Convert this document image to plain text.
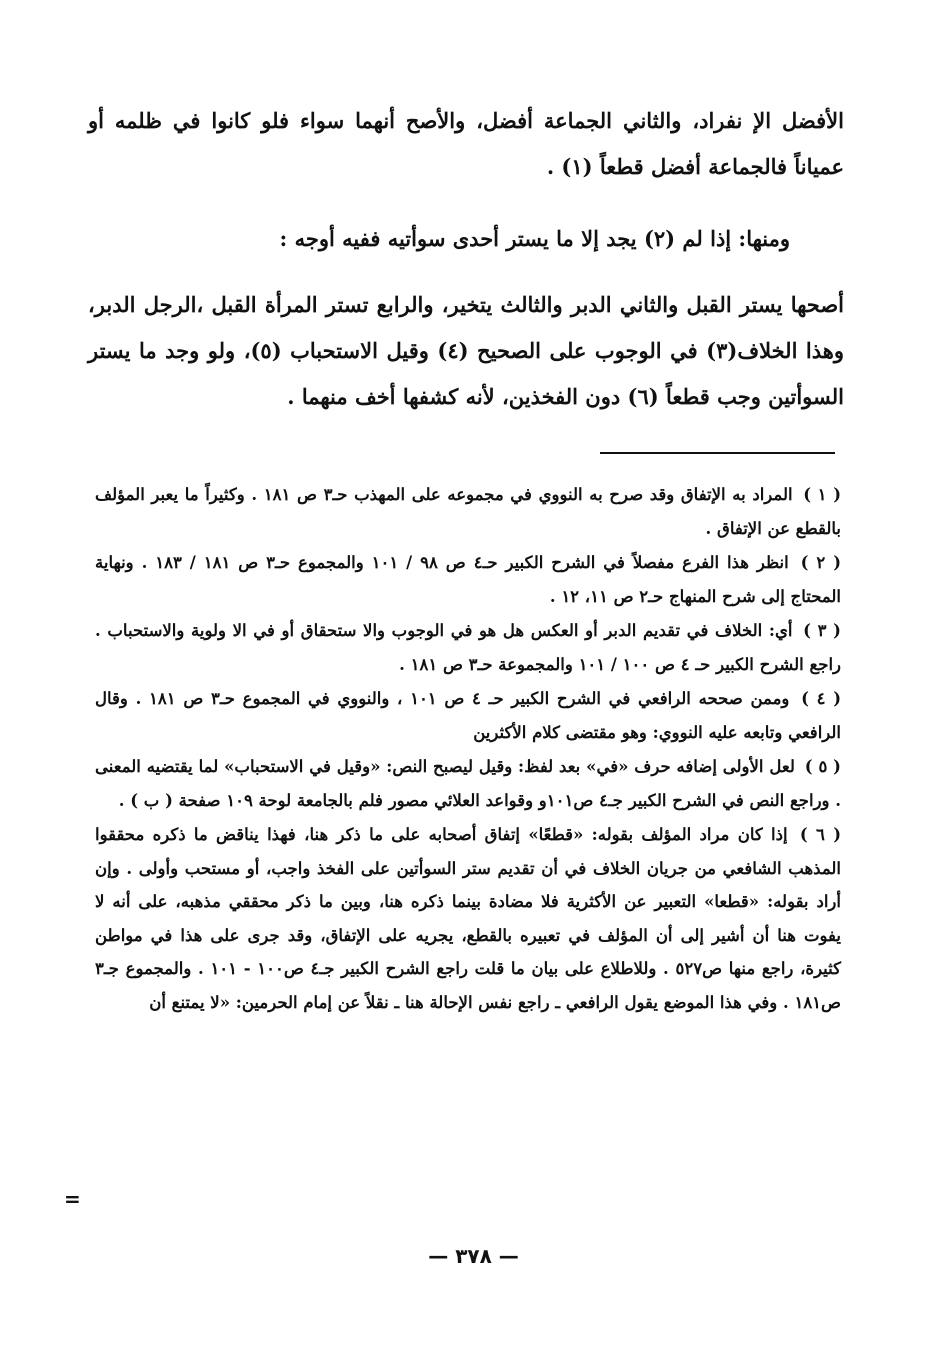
الأفضل الإ نفراد، والثاني الجماعة أفضل، والأصح أنهما سواء فلو كانوا في ظلمه أو عمياناً فالجماعة أفضل قطعاً (١) .
ومنها: إذا لم (٢) يجد إلا ما يستر أحدى سوأتيه ففيه أوجه :
أصحها يستر القبل والثاني الدبر والثالث يتخير، والرابع تستر المرأة القبل ،الرجل الدبر، وهذا الخلاف(٣) في الوجوب على الصحيح (٤) وقيل الاستحباب (٥)، ولو وجد ما يستر السوأتين وجب قطعاً (٦) دون الفخذين، لأنه كشفها أخف منهما .
( ١ ) المراد به الإتفاق وقد صرح به النووي في مجموعه على المهذب حـ٣ ص ١٨١ . وكثيراً ما يعبر المؤلف بالقطع عن الإتفاق .
( ٢ ) انظر هذا الفرع مفصلاً في الشرح الكبير حـ٤ ص ٩٨ / ١٠١ والمجموع حـ٣ ص ١٨١ / ١٨٣ . ونهاية المحتاج إلى شرح المنهاج حـ٢ ص ١١، ١٢ .
( ٣ ) أي: الخلاف في تقديم الدبر أو العكس هل هو في الوجوب والا ستحقاق أو في الا ولوية والاستحباب . راجع الشرح الكبير حـ ٤ ص ١٠٠ / ١٠١ والمجموعة حـ٣ ص ١٨١ .
( ٤ ) وممن صححه الرافعي في الشرح الكبير حـ ٤ ص ١٠١ ، والنووي في المجموع حـ٣ ص ١٨١ . وقال الرافعي وتابعه عليه النووي: وهو مقتضى كلام الأكثرين
( ٥ ) لعل الأولى إضافه حرف «في» بعد لفظ: وقيل ليصبح النص: «وقيل في الاستحباب» لما يقتضيه المعنى . وراجع النص في الشرح الكبير جـ٤ ص١٠١و وقواعد العلائي مصور فلم بالجامعة لوحة ١٠٩ صفحة ( ب ) .
( ٦ ) إذا كان مراد المؤلف بقوله: «قطعًا» إتفاق أصحابه على ما ذكر هنا، فهذا يناقض ما ذكره محققوا المذهب الشافعي من جريان الخلاف في أن تقديم ستر السوأتين على الفخذ واجب، أو مستحب وأولى . وإن أراد بقوله: «قطعا» التعبير عن الأكثرية فلا مضادة بينما ذكره هنا، وبين ما ذكر محققي مذهبه، على أنه لا يفوت هنا أن أشير إلى أن المؤلف في تعبيره بالقطع، يجريه على الإتفاق، وقد جرى على هذا في مواطن كثيرة، راجع منها ص٥٢٧ . وللاطلاع على بيان ما قلت راجع الشرح الكبير جـ٤ ص١٠٠ - ١٠١ . والمجموع جـ٣ ص١٨١ . وفي هذا الموضع يقول الرافعي ـ راجع نفس الإحالة هنا ـ نقلاً عن إمام الحرمين: «لا يمتنع أن
=
— ٣٧٨ —
